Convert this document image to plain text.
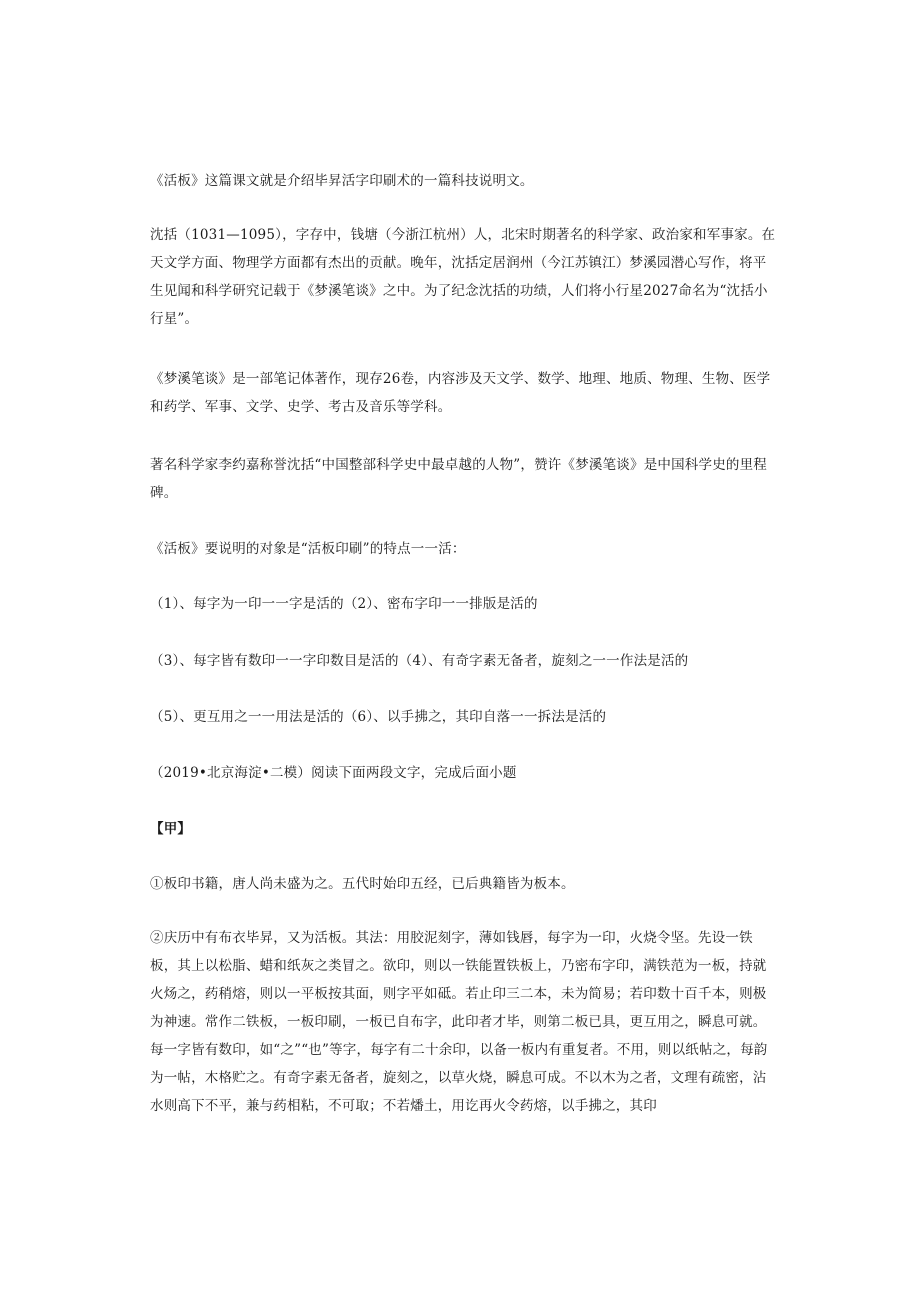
《活板》这篇课文就是介绍毕昇活字印刷术的一篇科技说明文。

沈括（1031—1095），字存中，钱塘（今浙江杭州）人，北宋时期著名的科学家、政治家和军事家。在天文学方面、物理学方面都有杰出的贡献。晚年，沈括定居润州（今江苏镇江）梦溪园潜心写作，将平生见闻和科学研究记载于《梦溪笔谈》之中。为了纪念沈括的功绩，人们将小行星2027命名为“沈括小行星”。

《梦溪笔谈》是一部笔记体著作，现存26卷，内容涉及天文学、数学、地理、地质、物理、生物、医学和药学、军事、文学、史学、考古及音乐等学科。

著名科学家李约嘉称誉沈括“中国整部科学史中最卓越的人物”，赞许《梦溪笔谈》是中国科学史的里程碑。

《活板》要说明的对象是“活板印刷”的特点一一活：

（1）、每字为一印一一字是活的（2）、密布字印一一排版是活的

（3）、每字皆有数印一一字印数目是活的（4）、有奇字素无备者，旋刻之一一作法是活的

（5）、更互用之一一用法是活的（6）、以手拂之，其印自落一一拆法是活的

（2019•北京海淀•二模）阅读下面两段文字，完成后面小题

【甲】

①板印书籍，唐人尚未盛为之。五代时始印五经，已后典籍皆为板本。

②庆历中有布衣毕昇，又为活板。其法：用胶泥刻字，薄如钱唇，每字为一印，火烧令坚。先设一铁板，其上以松脂、蜡和纸灰之类冒之。欲印，则以一铁能置铁板上，乃密布字印，满铁范为一板，持就火炀之，药稍熔，则以一平板按其面，则字平如砥。若止印三二本，未为简易；若印数十百千本，则极为神速。常作二铁板，一板印刷，一板已自布字，此印者才毕，则第二板已具，更互用之，瞬息可就。每一字皆有数印，如“之”“也”等字，每字有二十余印，以备一板内有重复者。不用，则以纸帖之，每韵为一帖，木格贮之。有奇字素无备者，旋刻之，以草火烧，瞬息可成。不以木为之者，文理有疏密，沾水则高下不平，兼与药相粘，不可取；不若燔土，用讫再火令药熔，以手拂之，其印
